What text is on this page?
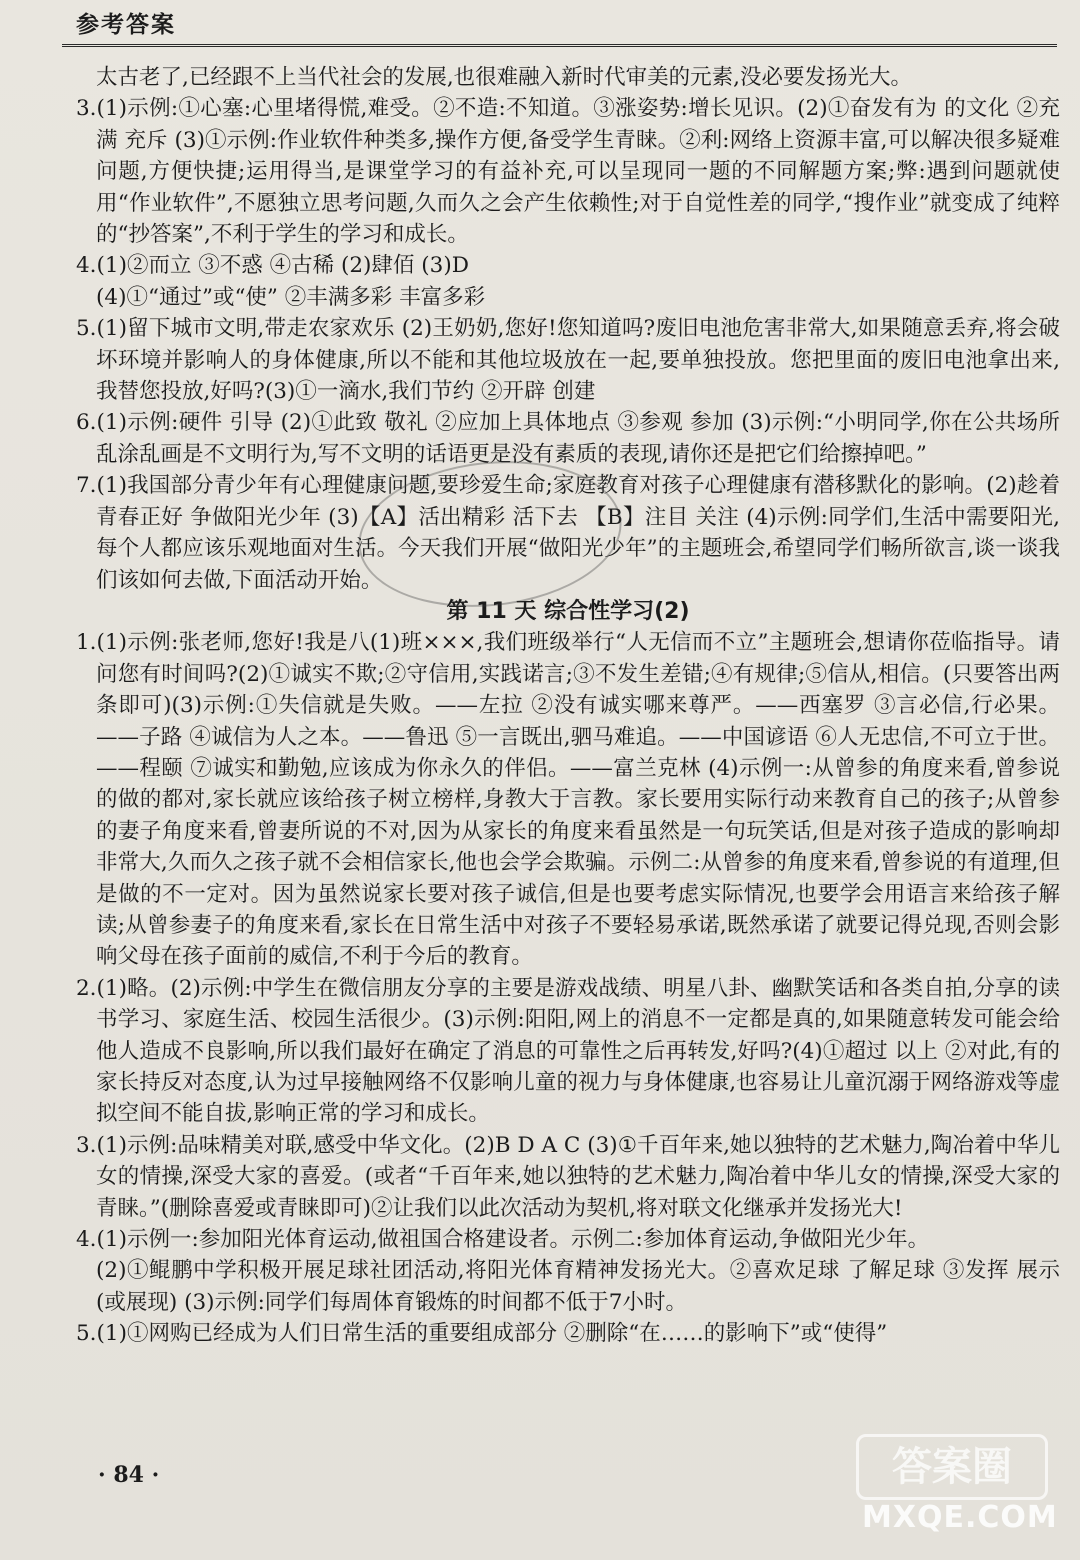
参考答案

太古老了,已经跟不上当代社会的发展,也很难融入新时代审美的元素,没必要发扬光大。

3.(1)示例:①心塞:心里堵得慌,难受。②不造:不知道。③涨姿势:增长见识。(2)①奋发有为 的文化 ②充满 充斥 (3)①示例:作业软件种类多,操作方便,备受学生青睐。②利:网络上资源丰富,可以解决很多疑难问题,方便快捷;运用得当,是课堂学习的有益补充,可以呈现同一题的不同解题方案;弊:遇到问题就使用“作业软件”,不愿独立思考问题,久而久之会产生依赖性;对于自觉性差的同学,“搜作业”就变成了纯粹的“抄答案”,不利于学生的学习和成长。

4.(1)②而立 ③不惑 ④古稀 (2)肆佰 (3)D

(4)①“通过”或“使” ②丰满多彩 丰富多彩

5.(1)留下城市文明,带走农家欢乐 (2)王奶奶,您好!您知道吗?废旧电池危害非常大,如果随意丢弃,将会破坏环境并影响人的身体健康,所以不能和其他垃圾放在一起,要单独投放。您把里面的废旧电池拿出来,我替您投放,好吗?(3)①一滴水,我们节约 ②开辟 创建

6.(1)示例:硬件 引导 (2)①此致 敬礼 ②应加上具体地点 ③参观 参加 (3)示例:“小明同学,你在公共场所乱涂乱画是不文明行为,写不文明的话语更是没有素质的表现,请你还是把它们给擦掉吧。”

7.(1)我国部分青少年有心理健康问题,要珍爱生命;家庭教育对孩子心理健康有潜移默化的影响。(2)趁着青春正好 争做阳光少年 (3)【A】活出精彩 活下去 【B】注目 关注 (4)示例:同学们,生活中需要阳光,每个人都应该乐观地面对生活。今天我们开展“做阳光少年”的主题班会,希望同学们畅所欲言,谈一谈我们该如何去做,下面活动开始。

第 11 天 综合性学习(2)

1.(1)示例:张老师,您好!我是八(1)班×××,我们班级举行“人无信而不立”主题班会,想请你莅临指导。请问您有时间吗?(2)①诚实不欺;②守信用,实践诺言;③不发生差错;④有规律;⑤信从,相信。(只要答出两条即可)(3)示例:①失信就是失败。——左拉 ②没有诚实哪来尊严。——西塞罗 ③言必信,行必果。——子路 ④诚信为人之本。——鲁迅 ⑤一言既出,驷马难追。——中国谚语 ⑥人无忠信,不可立于世。——程颐 ⑦诚实和勤勉,应该成为你永久的伴侣。——富兰克林 (4)示例一:从曾参的角度来看,曾参说的做的都对,家长就应该给孩子树立榜样,身教大于言教。家长要用实际行动来教育自己的孩子;从曾参的妻子角度来看,曾妻所说的不对,因为从家长的角度来看虽然是一句玩笑话,但是对孩子造成的影响却非常大,久而久之孩子就不会相信家长,他也会学会欺骗。示例二:从曾参的角度来看,曾参说的有道理,但是做的不一定对。因为虽然说家长要对孩子诚信,但是也要考虑实际情况,也要学会用语言来给孩子解读;从曾参妻子的角度来看,家长在日常生活中对孩子不要轻易承诺,既然承诺了就要记得兑现,否则会影响父母在孩子面前的威信,不利于今后的教育。

2.(1)略。(2)示例:中学生在微信朋友分享的主要是游戏战绩、明星八卦、幽默笑话和各类自拍,分享的读书学习、家庭生活、校园生活很少。(3)示例:阳阳,网上的消息不一定都是真的,如果随意转发可能会给他人造成不良影响,所以我们最好在确定了消息的可靠性之后再转发,好吗?(4)①超过 以上 ②对此,有的家长持反对态度,认为过早接触网络不仅影响儿童的视力与身体健康,也容易让儿童沉溺于网络游戏等虚拟空间不能自拔,影响正常的学习和成长。

3.(1)示例:品味精美对联,感受中华文化。(2)B D A C (3)①千百年来,她以独特的艺术魅力,陶冶着中华儿女的情操,深受大家的喜爱。(或者“千百年来,她以独特的艺术魅力,陶冶着中华儿女的情操,深受大家的青睐。”(删除喜爱或青睐即可)②让我们以此次活动为契机,将对联文化继承并发扬光大!

4.(1)示例一:参加阳光体育运动,做祖国合格建设者。示例二:参加体育运动,争做阳光少年。

(2)①鲲鹏中学积极开展足球社团活动,将阳光体育精神发扬光大。②喜欢足球 了解足球 ③发挥 展示(或展现) (3)示例:同学们每周体育锻炼的时间都不低于7小时。

5.(1)①网购已经成为人们日常生活的重要组成部分 ②删除“在……的影响下”或“使得”

· 84 ·	答案圈
MXQE.COM
